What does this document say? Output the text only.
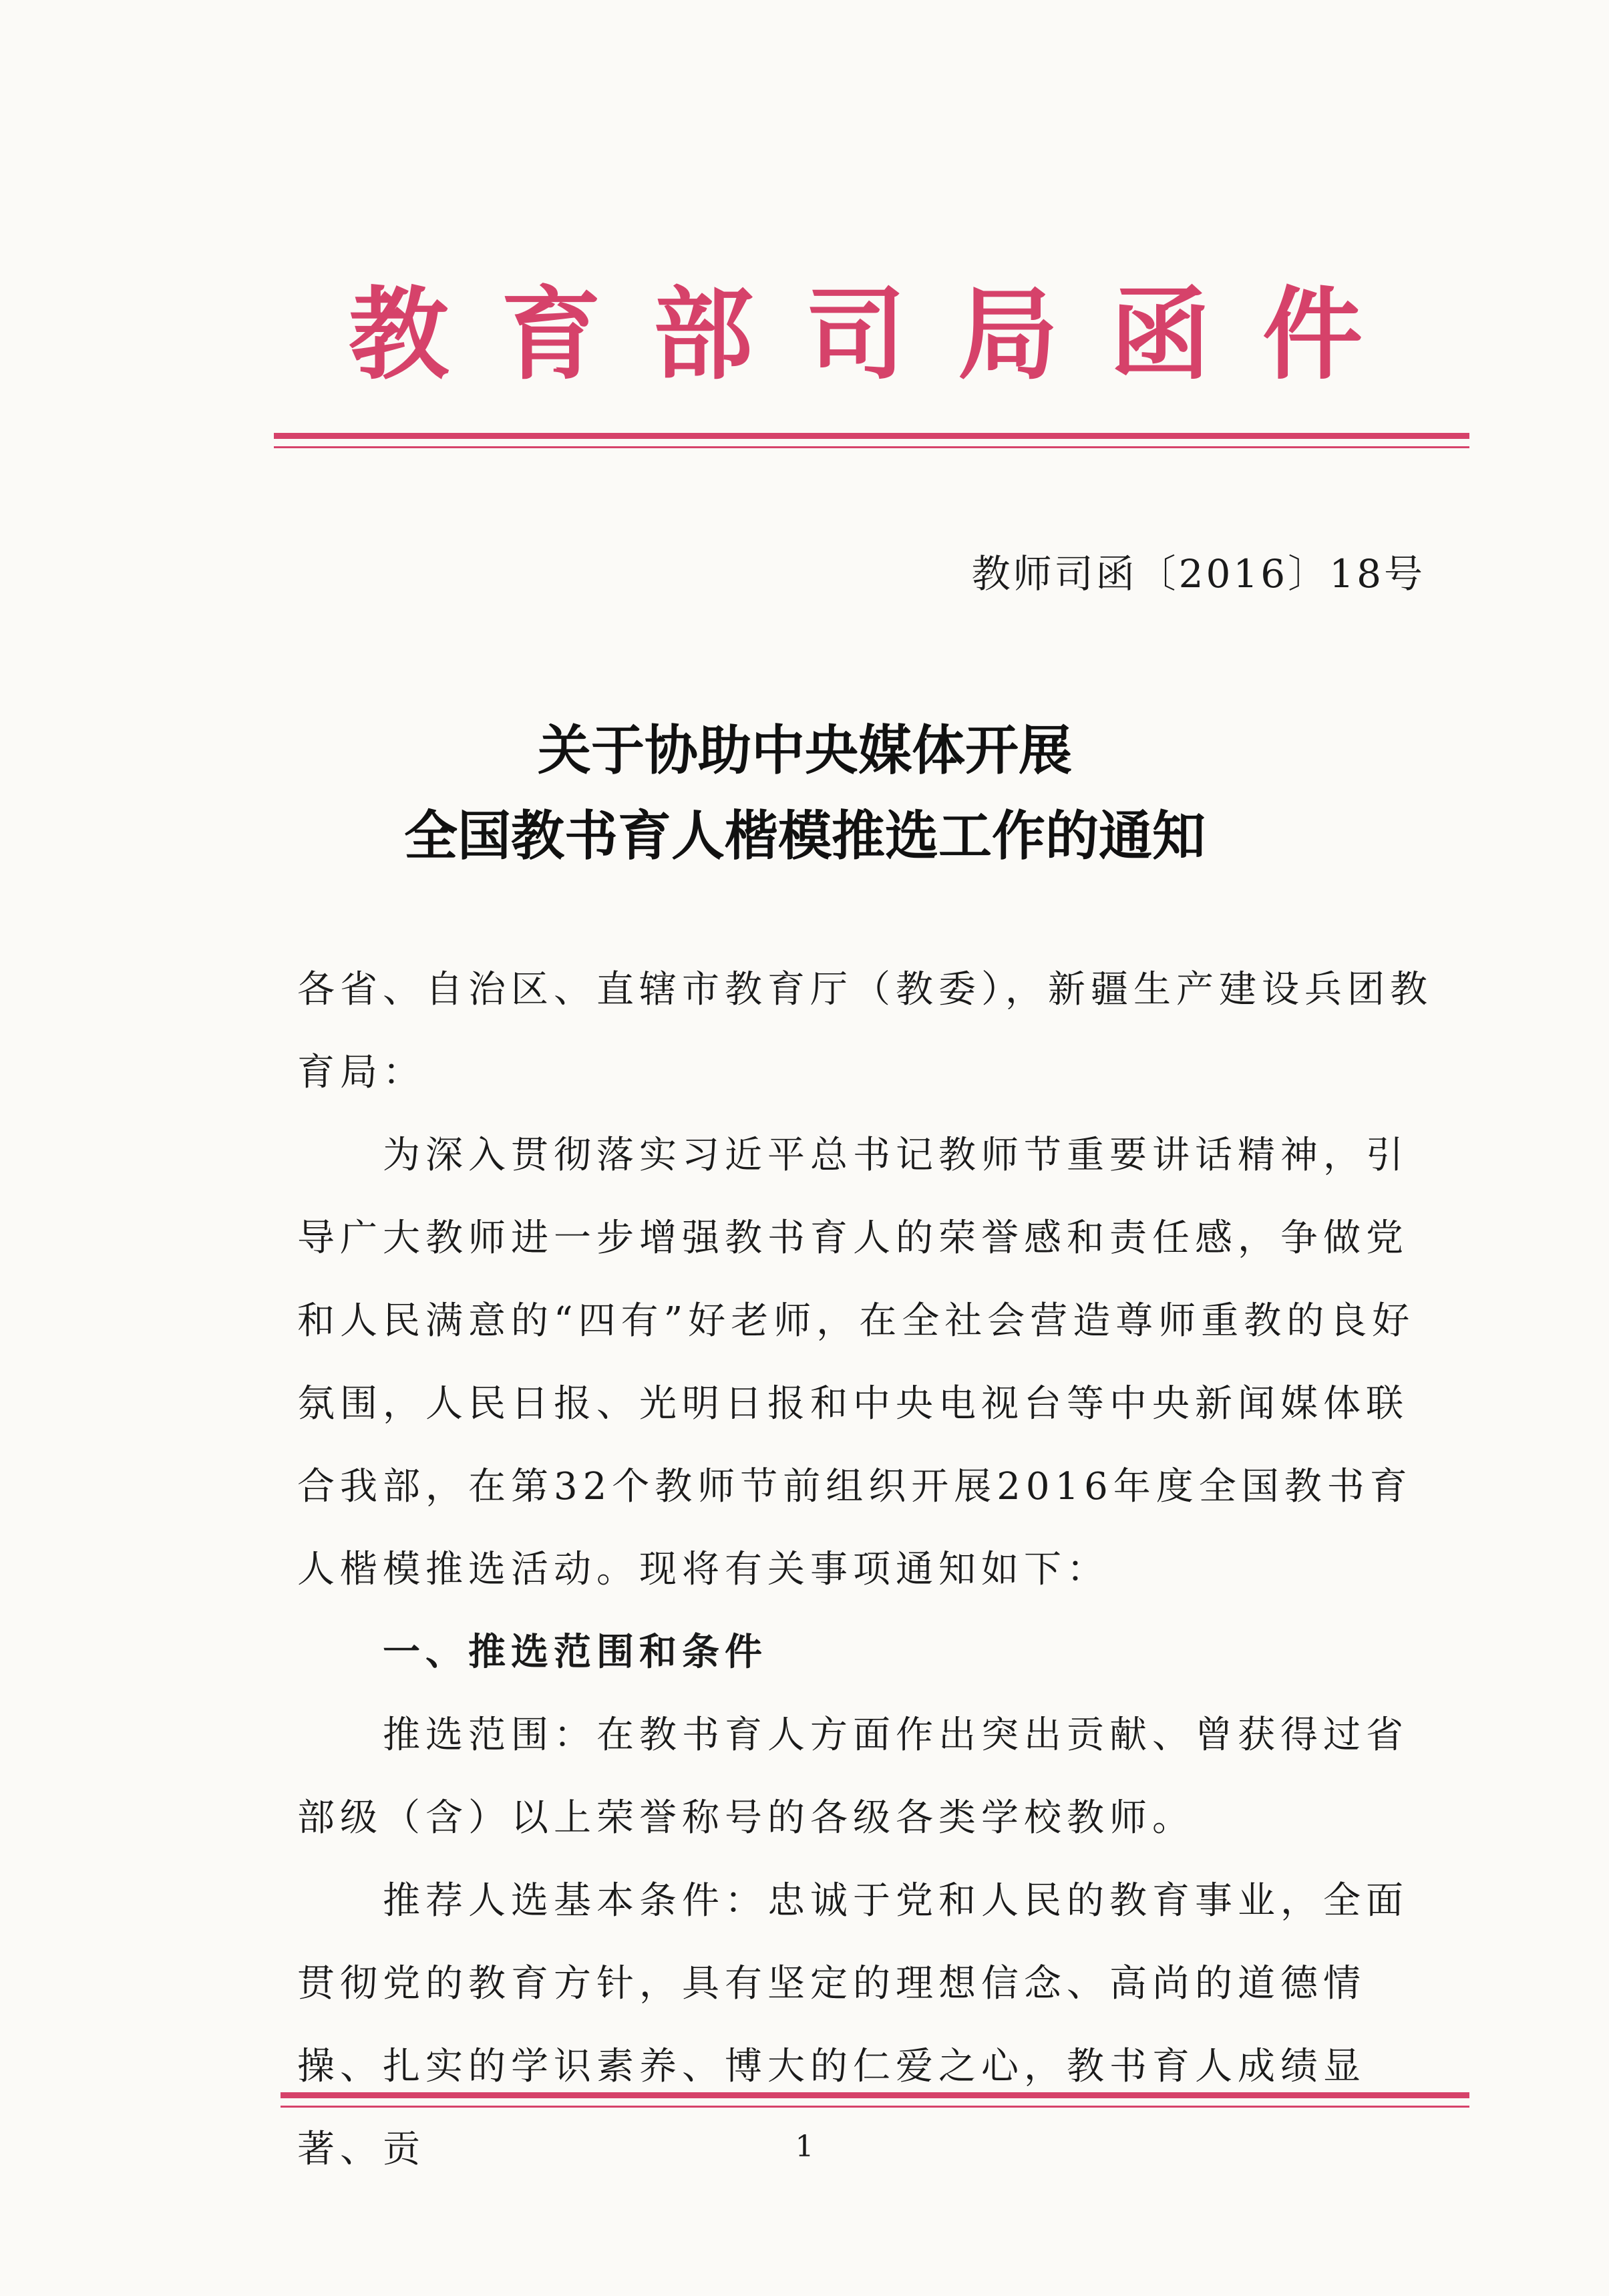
教育部司局函件
教师司函〔2016〕18号
关于协助中央媒体开展
全国教书育人楷模推选工作的通知

各省、自治区、直辖市教育厅（教委），新疆生产建设兵团教育局：

为深入贯彻落实习近平总书记教师节重要讲话精神，引导广大教师进一步增强教书育人的荣誉感和责任感，争做党和人民满意的“四有”好老师，在全社会营造尊师重教的良好氛围，人民日报、光明日报和中央电视台等中央新闻媒体联合我部，在第32个教师节前组织开展2016年度全国教书育人楷模推选活动。现将有关事项通知如下：

一、推选范围和条件

推选范围：在教书育人方面作出突出贡献、曾获得过省部级（含）以上荣誉称号的各级各类学校教师。

推荐人选基本条件：忠诚于党和人民的教育事业，全面贯彻党的教育方针，具有坚定的理想信念、高尚的道德情操、扎实的学识素养、博大的仁爱之心，教书育人成绩显著、贡	1
